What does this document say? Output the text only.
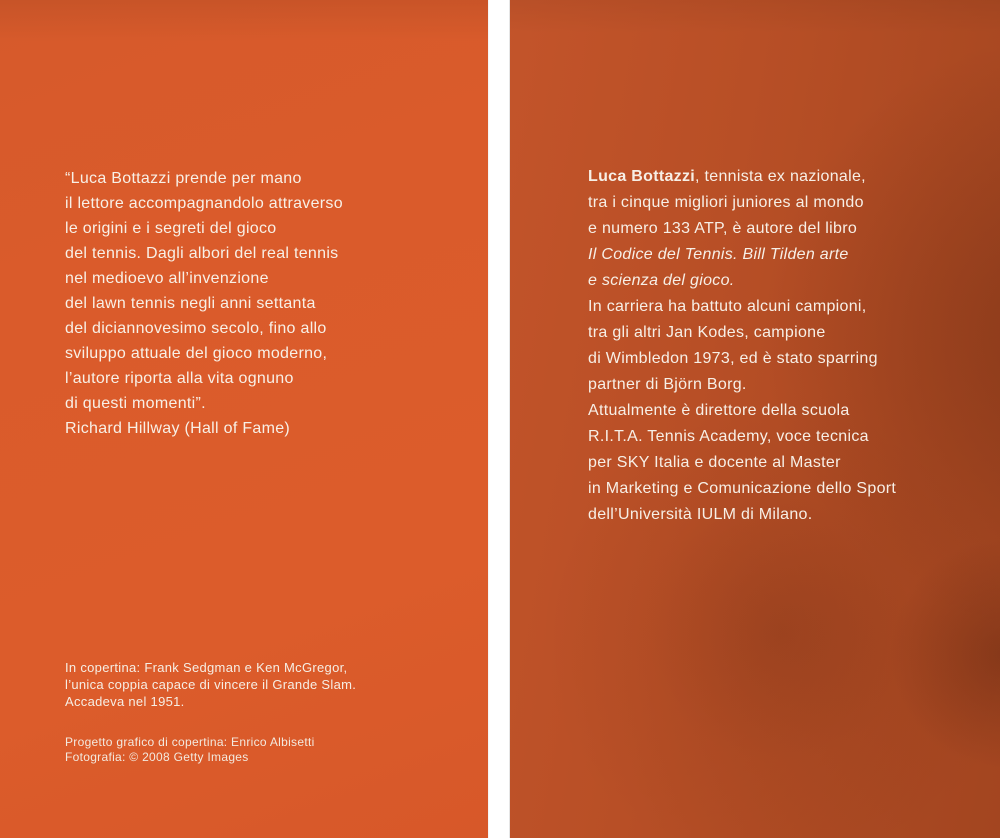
“Luca Bottazzi prende per mano
il lettore accompagnandolo attraverso
le origini e i segreti del gioco
del tennis. Dagli albori del real tennis
nel medioevo all’invenzione
del lawn tennis negli anni settanta
del diciannovesimo secolo, fino allo
sviluppo attuale del gioco moderno,
l’autore riporta alla vita ognuno
di questi momenti”.
Richard Hillway (Hall of Fame)
In copertina: Frank Sedgman e Ken McGregor,
l’unica coppia capace di vincere il Grande Slam.
Accadeva nel 1951.
Progetto grafico di copertina: Enrico Albisetti
Fotografia: © 2008 Getty Images
Luca Bottazzi, tennista ex nazionale,
tra i cinque migliori juniores al mondo
e numero 133 ATP, è autore del libro
Il Codice del Tennis. Bill Tilden arte
e scienza del gioco.
In carriera ha battuto alcuni campioni,
tra gli altri Jan Kodes, campione
di Wimbledon 1973, ed è stato sparring
partner di Björn Borg.
Attualmente è direttore della scuola
R.I.T.A. Tennis Academy, voce tecnica
per SKY Italia e docente al Master
in Marketing e Comunicazione dello Sport
dell’Università IULM di Milano.
